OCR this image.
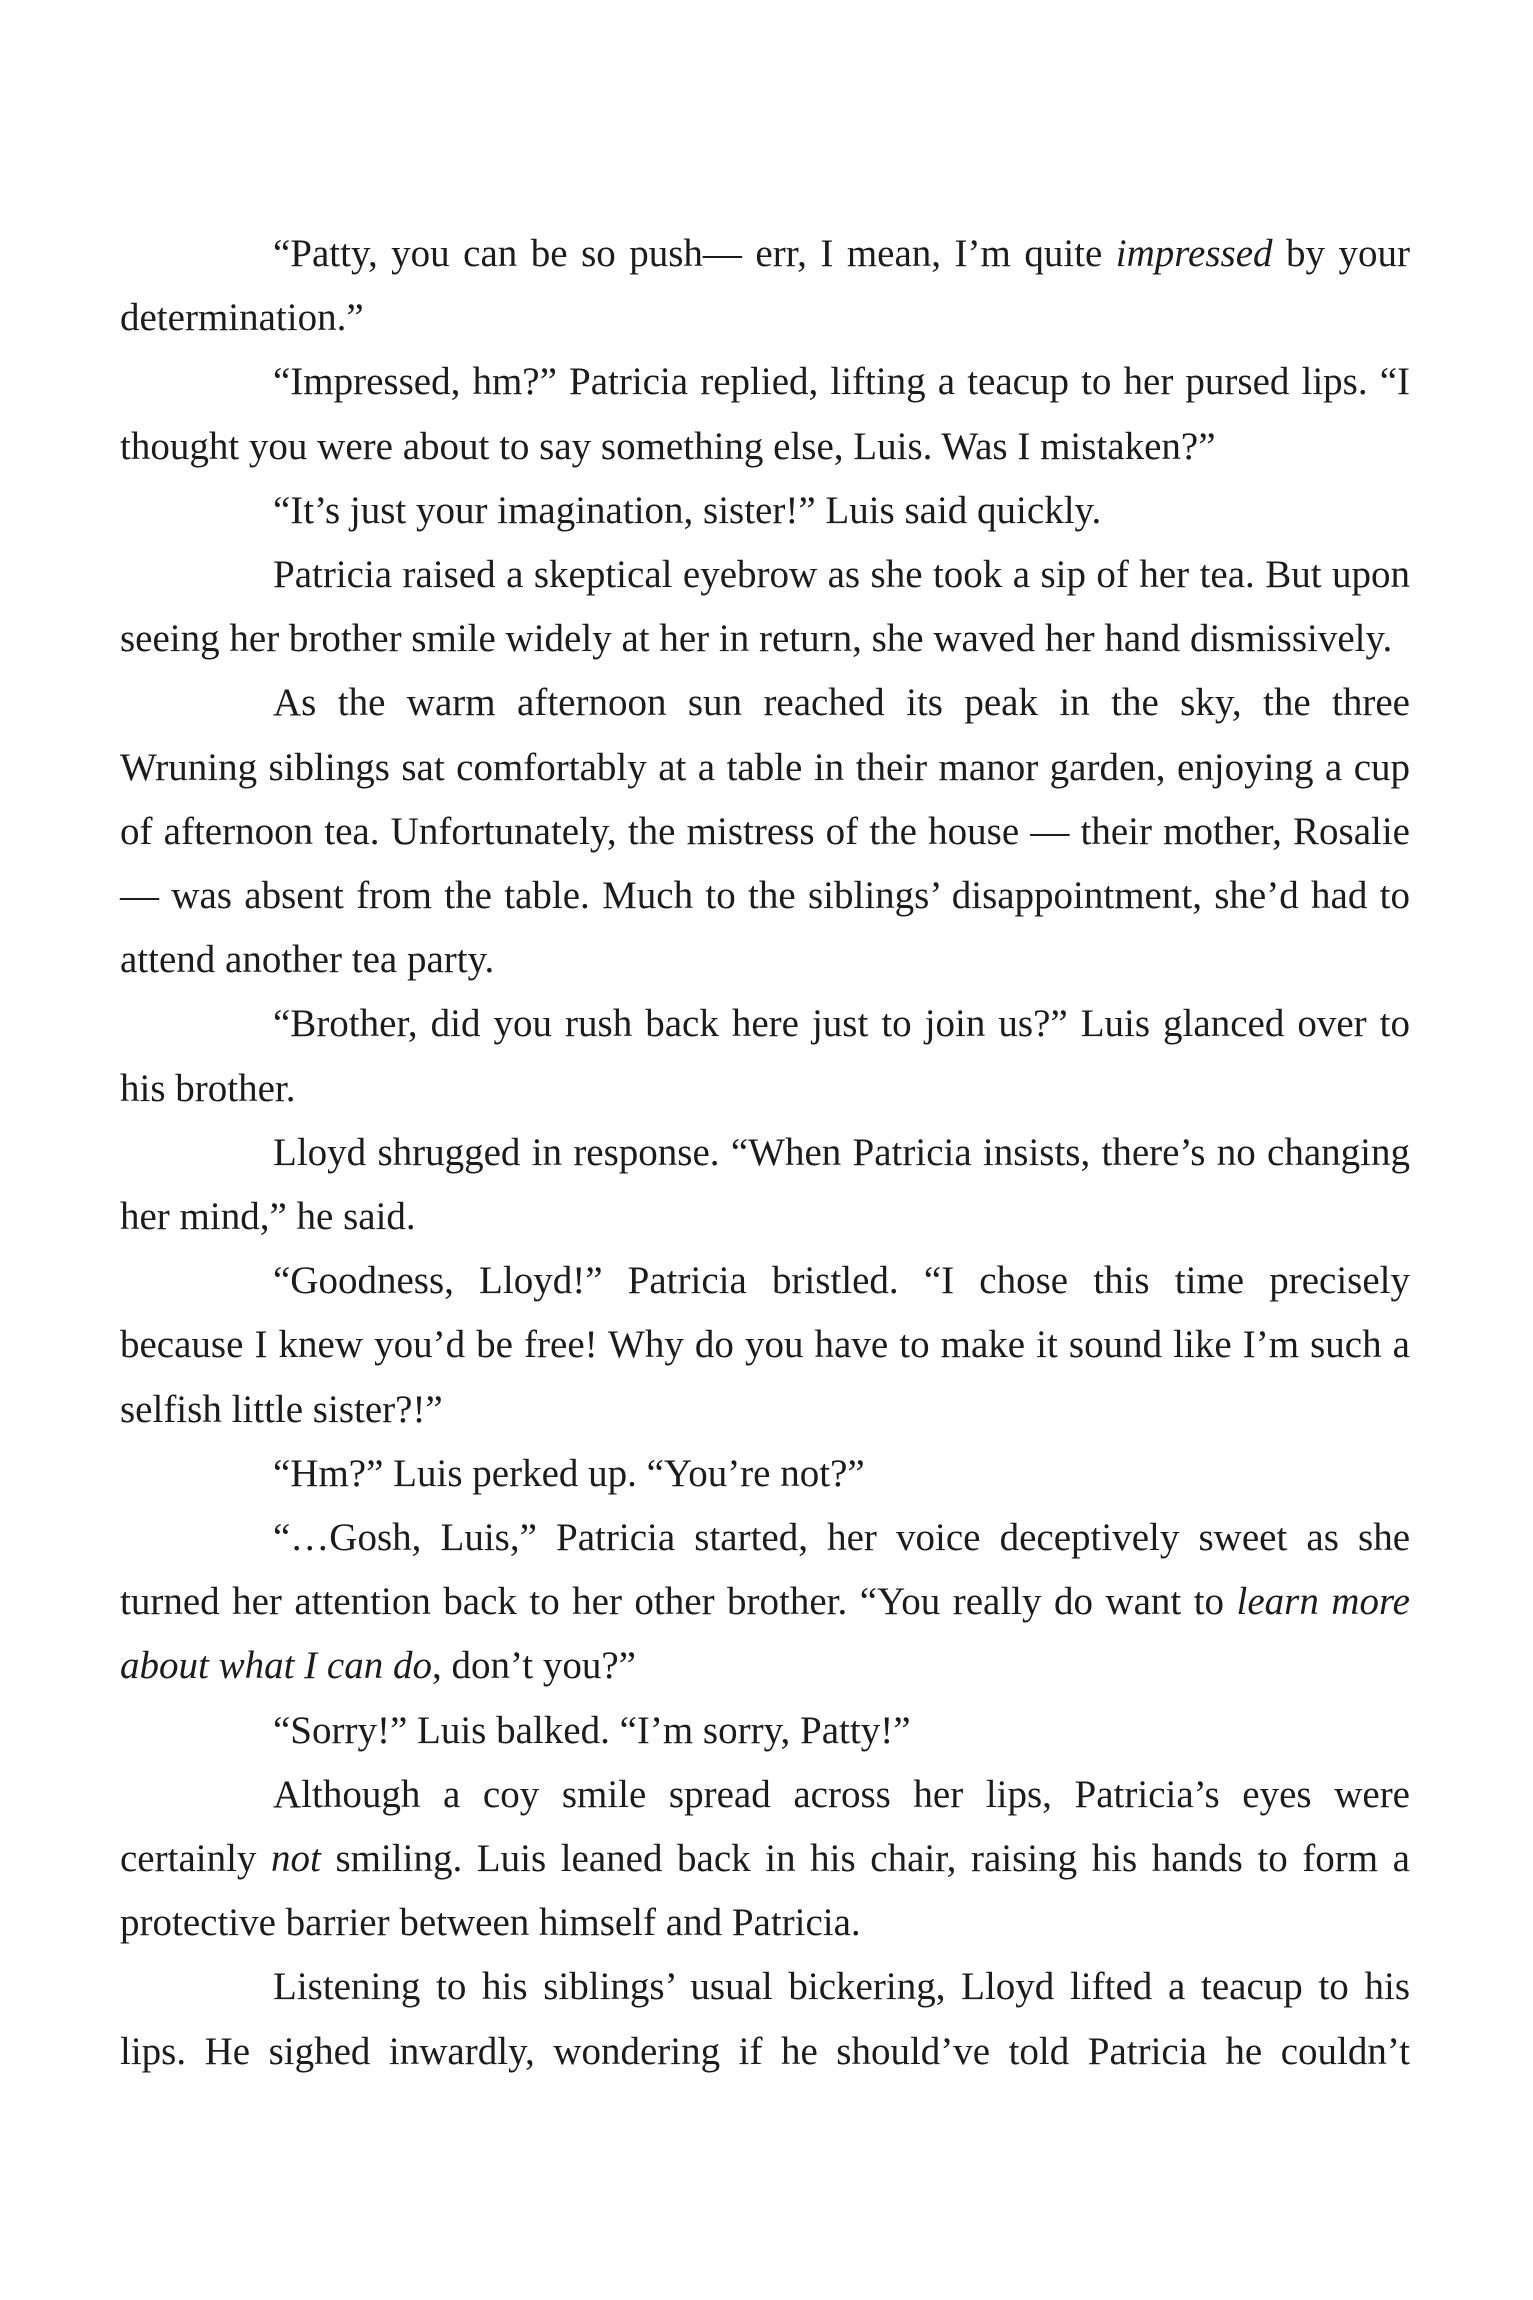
“Patty, you can be so push— err, I mean, I’m quite impressed by your determination.”

“Impressed, hm?” Patricia replied, lifting a teacup to her pursed lips. “I thought you were about to say something else, Luis. Was I mistaken?”

“It’s just your imagination, sister!” Luis said quickly.

Patricia raised a skeptical eyebrow as she took a sip of her tea. But upon seeing her brother smile widely at her in return, she waved her hand dismissively.

As the warm afternoon sun reached its peak in the sky, the three Wruning siblings sat comfortably at a table in their manor garden, enjoying a cup of afternoon tea. Unfortunately, the mistress of the house — their mother, Rosalie — was absent from the table. Much to the siblings’ disappointment, she’d had to attend another tea party.

“Brother, did you rush back here just to join us?” Luis glanced over to his brother.

Lloyd shrugged in response. “When Patricia insists, there’s no changing her mind,” he said.

“Goodness, Lloyd!” Patricia bristled. “I chose this time precisely because I knew you’d be free! Why do you have to make it sound like I’m such a selfish little sister?!”

“Hm?” Luis perked up. “You’re not?”

“…Gosh, Luis,” Patricia started, her voice deceptively sweet as she turned her attention back to her other brother. “You really do want to learn more about what I can do, don’t you?”

“Sorry!” Luis balked. “I’m sorry, Patty!”

Although a coy smile spread across her lips, Patricia’s eyes were certainly not smiling. Luis leaned back in his chair, raising his hands to form a protective barrier between himself and Patricia.

Listening to his siblings’ usual bickering, Lloyd lifted a teacup to his lips. He sighed inwardly, wondering if he should’ve told Patricia he couldn’t
